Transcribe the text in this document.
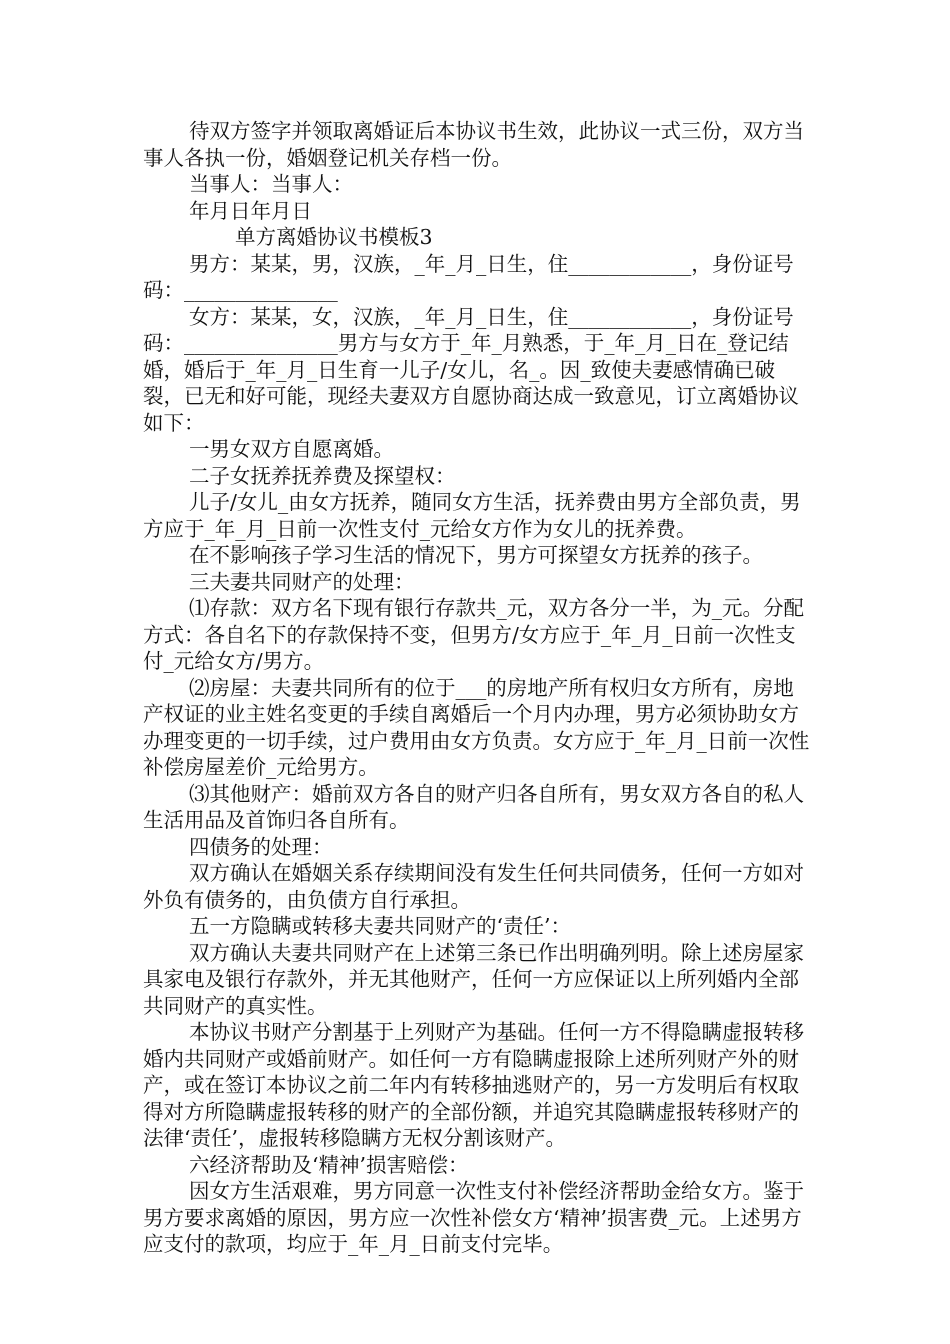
待双方签字并领取离婚证后本协议书生效，此协议一式三份，双方当事人各执一份，婚姻登记机关存档一份。

当事人：当事人：

年月日年月日

单方离婚协议书模板3

男方：某某，男，汉族，_年_月_日生，住____________，身份证号码：_______________

女方：某某，女，汉族，_年_月_日生，住____________，身份证号码：_______________男方与女方于_年_月熟悉，于_年_月_日在_登记结婚，婚后于_年_月_日生育一儿子/女儿，名_。因_致使夫妻感情确已破裂，已无和好可能，现经夫妻双方自愿协商达成一致意见，订立离婚协议如下：

一男女双方自愿离婚。

二子女抚养抚养费及探望权：

儿子/女儿_由女方抚养，随同女方生活，抚养费由男方全部负责，男方应于_年_月_日前一次性支付_元给女方作为女儿的抚养费。

在不影响孩子学习生活的情况下，男方可探望女方抚养的孩子。

三夫妻共同财产的处理：

⑴存款：双方名下现有银行存款共_元，双方各分一半，为_元。分配方式：各自名下的存款保持不变，但男方/女方应于_年_月_日前一次性支付_元给女方/男方。

⑵房屋：夫妻共同所有的位于___的房地产所有权归女方所有，房地产权证的业主姓名变更的手续自离婚后一个月内办理，男方必须协助女方办理变更的一切手续，过户费用由女方负责。女方应于_年_月_日前一次性补偿房屋差价_元给男方。

⑶其他财产：婚前双方各自的财产归各自所有，男女双方各自的私人生活用品及首饰归各自所有。

四债务的处理：

双方确认在婚姻关系存续期间没有发生任何共同债务，任何一方如对外负有债务的，由负债方自行承担。

五一方隐瞒或转移夫妻共同财产的‘责任’：

双方确认夫妻共同财产在上述第三条已作出明确列明。除上述房屋家具家电及银行存款外，并无其他财产，任何一方应保证以上所列婚内全部共同财产的真实性。

本协议书财产分割基于上列财产为基础。任何一方不得隐瞒虚报转移婚内共同财产或婚前财产。如任何一方有隐瞒虚报除上述所列财产外的财产，或在签订本协议之前二年内有转移抽逃财产的，另一方发明后有权取得对方所隐瞒虚报转移的财产的全部份额，并追究其隐瞒虚报转移财产的法律‘责任’，虚报转移隐瞒方无权分割该财产。

六经济帮助及‘精神’损害赔偿：

因女方生活艰难，男方同意一次性支付补偿经济帮助金给女方。鉴于男方要求离婚的原因，男方应一次性补偿女方‘精神’损害费_元。上述男方应支付的款项，均应于_年_月_日前支付完毕。
